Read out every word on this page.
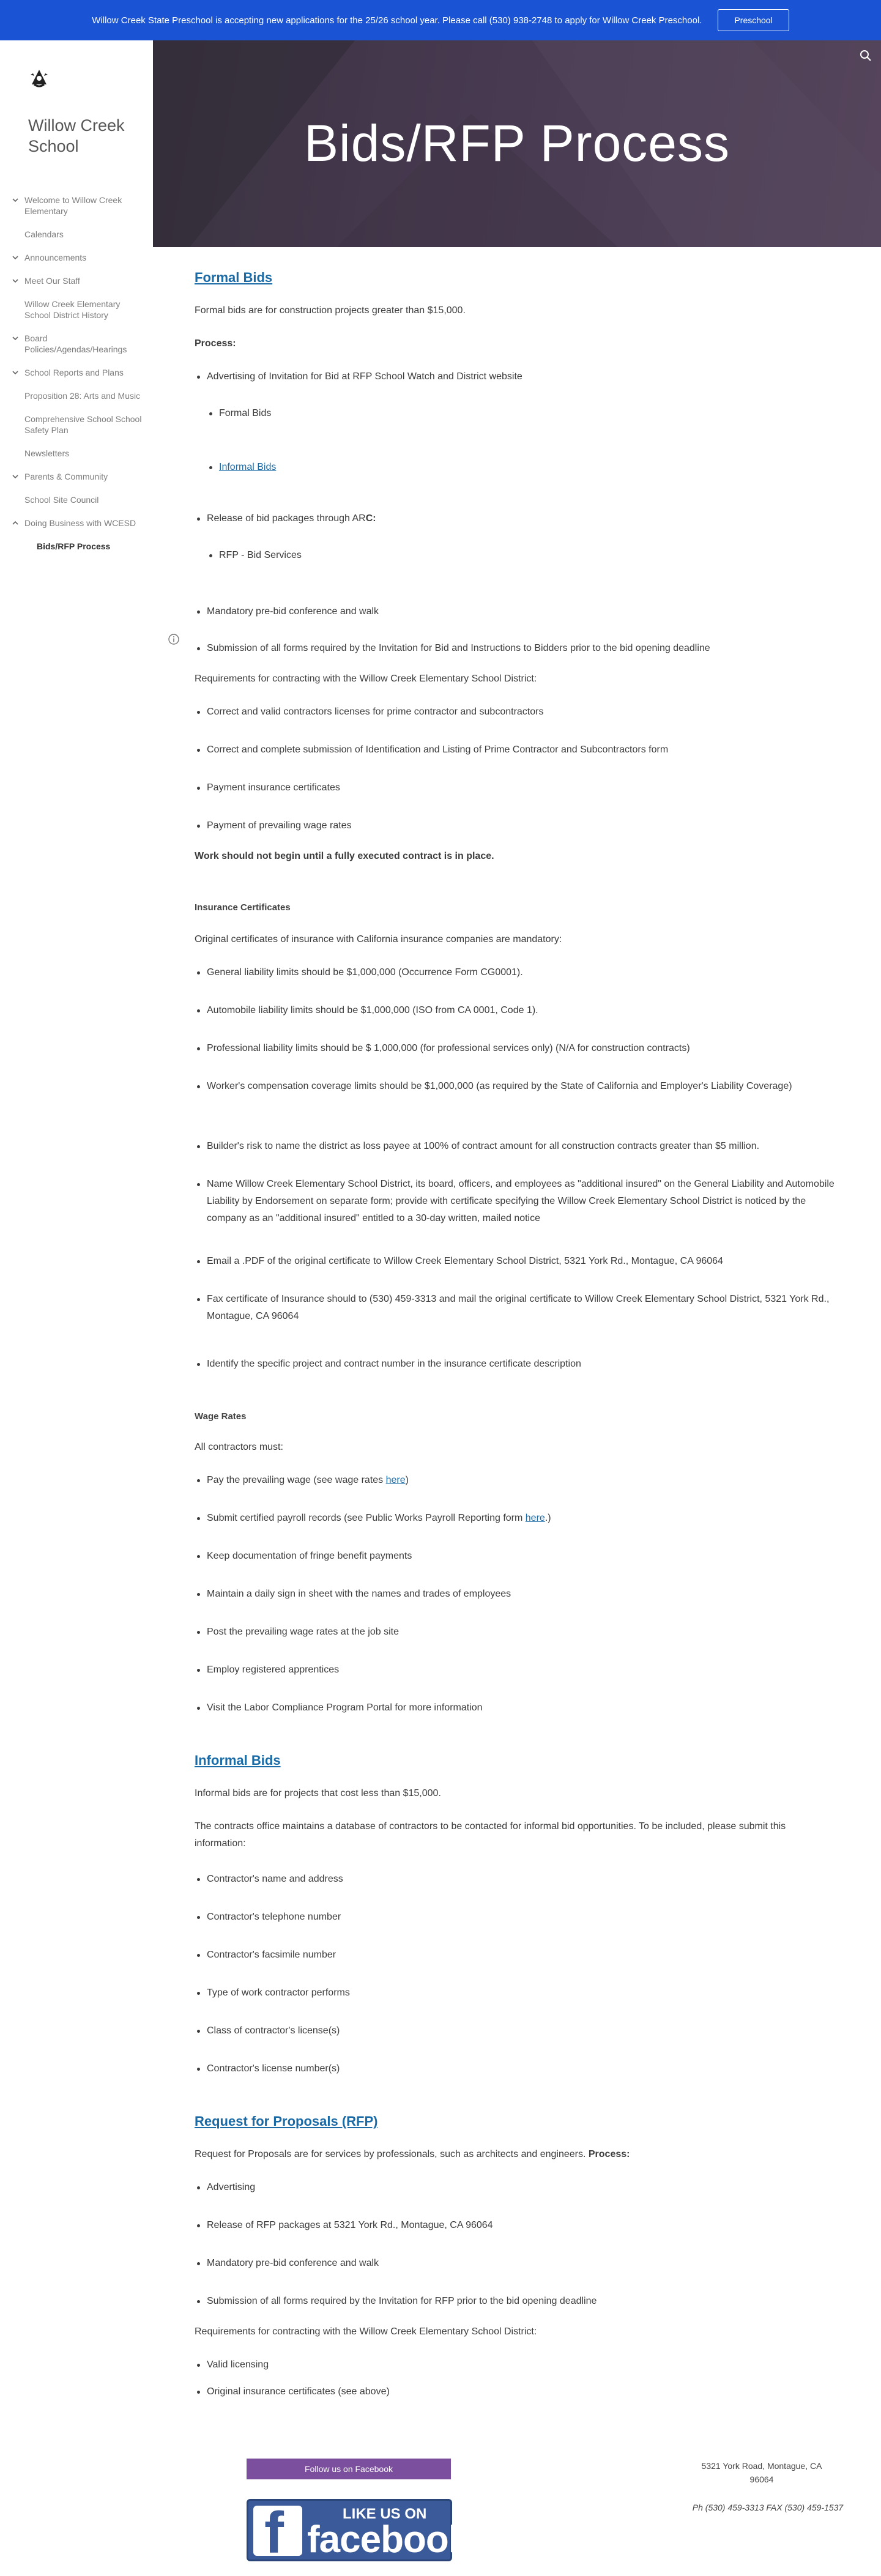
Willow Creek State Preschool is accepting new applications for the 25/26 school year. Please call (530) 938-2748 to apply for Willow Creek Preschool.	Preschool
Willow Creek School
Welcome to Willow Creek Elementary
Calendars
Announcements
Meet Our Staff
Willow Creek Elementary School District History
Board Policies/Agendas/Hearings
School Reports and Plans
Proposition 28: Arts and Music
Comprehensive School School Safety Plan
Newsletters
Parents & Community
School Site Council
Doing Business with WCESD
Bids/RFP Process
Bids/RFP Process
Formal Bids
Formal bids are for construction projects greater than $15,000.
Process:
Advertising of Invitation for Bid at RFP School Watch and District website
Formal Bids
Informal Bids
Release of bid packages through ARC:
RFP - Bid Services
Mandatory pre-bid conference and walk
Submission of all forms required by the Invitation for Bid and Instructions to Bidders prior to the bid opening deadline
Requirements for contracting with the Willow Creek Elementary School District:
Correct and valid contractors licenses for prime contractor and subcontractors
Correct and complete submission of Identification and Listing of Prime Contractor and Subcontractors form
Payment insurance certificates
Payment of prevailing wage rates
Work should not begin until a fully executed contract is in place.
Insurance Certificates
Original certificates of insurance with California insurance companies are mandatory:
General liability limits should be $1,000,000 (Occurrence Form CG0001).
Automobile liability limits should be $1,000,000 (ISO from CA 0001, Code 1).
Professional liability limits should be $ 1,000,000 (for professional services only) (N/A for construction contracts)
Worker's compensation coverage limits should be $1,000,000 (as required by the State of California and Employer's Liability Coverage)
Builder's risk to name the district as loss payee at 100% of contract amount for all construction contracts greater than $5 million.
Name Willow Creek Elementary School District, its board, officers, and employees as "additional insured" on the General Liability and Automobile Liability by Endorsement on separate form; provide with certificate specifying the Willow Creek Elementary School District is noticed by the company as an "additional insured" entitled to a 30-day written, mailed notice
Email a .PDF of the original certificate to Willow Creek Elementary School District, 5321 York Rd., Montague, CA 96064
Fax certificate of Insurance should to (530) 459-3313 and mail the original certificate to Willow Creek Elementary School District, 5321 York Rd., Montague, CA 96064
Identify the specific project and contract number in the insurance certificate description
Wage Rates
All contractors must:
Pay the prevailing wage (see wage rates here)
Submit certified payroll records (see Public Works Payroll Reporting form here.)
Keep documentation of fringe benefit payments
Maintain a daily sign in sheet with the names and trades of employees
Post the prevailing wage rates at the job site
Employ registered apprentices
Visit the Labor Compliance Program Portal for more information
Informal Bids
Informal bids are for projects that cost less than $15,000.
The contracts office maintains a database of contractors to be contacted for informal bid opportunities. To be included, please submit this information:
Contractor's name and address
Contractor's telephone number
Contractor's facsimile number
Type of work contractor performs
Class of contractor's license(s)
Contractor's license number(s)
Request for Proposals (RFP)
Request for Proposals are for services by professionals, such as architects and engineers. Process:
Advertising
Release of RFP packages at 5321 York Rd., Montague, CA 96064
Mandatory pre-bid conference and walk
Submission of all forms required by the Invitation for RFP prior to the bid opening deadline
Requirements for contracting with the Willow Creek Elementary School District:
Valid licensing
Original insurance certificates (see above)
Follow us on Facebook
f	LIKE US ON
facebook
5321 York Road, Montague, CA 96064
Ph (530) 459-3313 FAX (530) 459-1537
